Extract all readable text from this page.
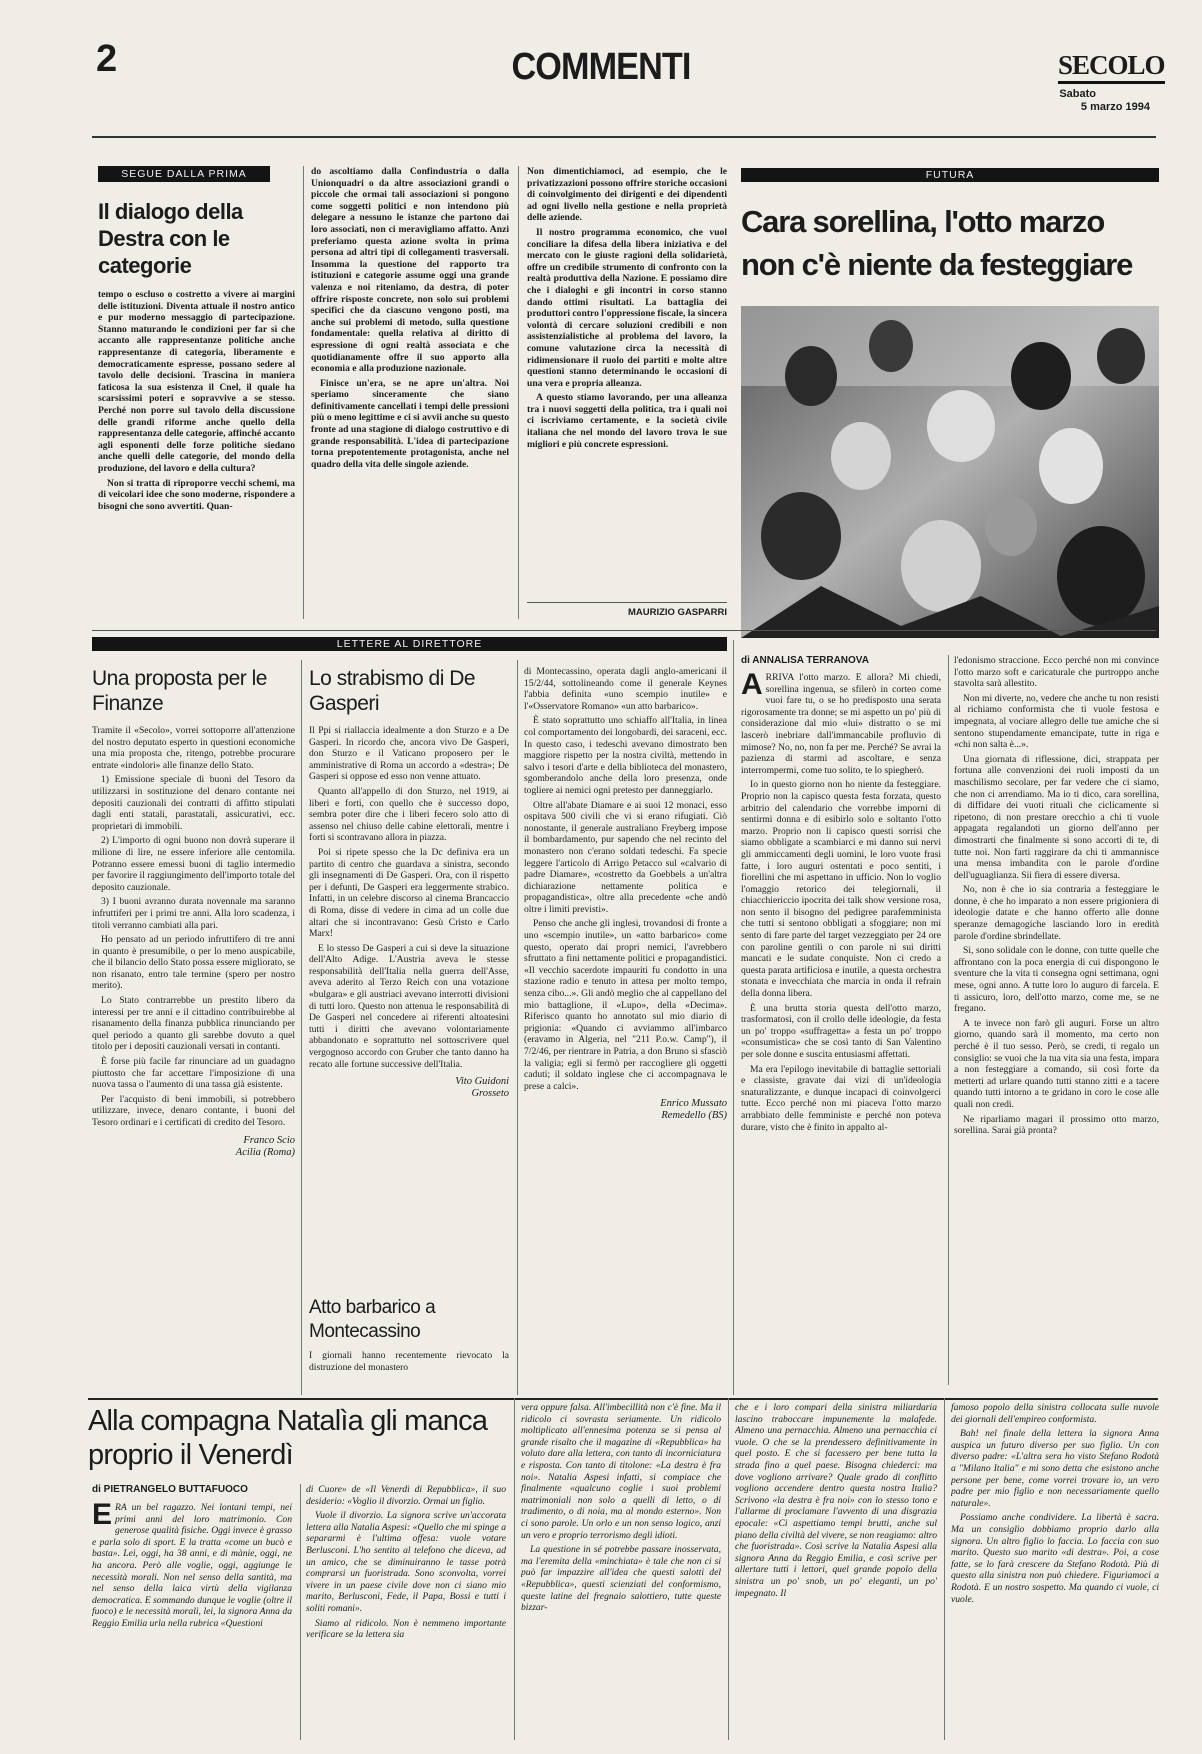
2	COMMENTI	SECOLO
Sabato
5 marzo 1994
SEGUE DALLA PRIMA
Il dialogo della Destra con le categorie

tempo o escluso o costretto a vivere ai margini delle istituzioni. Diventa attuale il nostro antico e pur moderno messaggio di partecipazione. Stanno maturando le condizioni per far sì che accanto alle rappresentanze politiche anche rappresentanze di categoria, liberamente e democraticamente espresse, possano sedere al tavolo delle decisioni. Trascina in maniera faticosa la sua esistenza il Cnel, il quale ha scarsissimi poteri e sopravvive a se stesso. Perché non porre sul tavolo della discussione delle grandi riforme anche quello della rappresentanza delle categorie, affinché accanto agli esponenti delle forze politiche siedano anche quelli delle categorie, del mondo della produzione, del lavoro e della cultura?

Non si tratta di riproporre vecchi schemi, ma di veicolari idee che sono moderne, rispondere a bisogni che sono avvertiti. Quan-

do ascoltiamo dalla Confindustria o dalla Unionquadri o da altre associazioni grandi o piccole che ormai tali associazioni si pongono come soggetti politici e non intendono più delegare a nessuno le istanze che partono dai loro associati, non ci meravigliamo affatto. Anzi preferiamo questa azione svolta in prima persona ad altri tipi di collegamenti trasversali. Insomma la questione del rapporto tra istituzioni e categorie assume oggi una grande valenza e noi riteniamo, da destra, di poter offrire risposte concrete, non solo sui problemi specifici che da ciascuno vengono posti, ma anche sui problemi di metodo, sulla questione fondamentale: quella relativa al diritto di espressione di ogni realtà associata e che quotidianamente offre il suo apporto alla economia e alla produzione nazionale.

Finisce un'era, se ne apre un'altra. Noi speriamo sinceramente che siano definitivamente cancellati i tempi delle pressioni più o meno legittime e ci si avvii anche su questo fronte ad una stagione di dialogo costruttivo e di grande responsabilità. L'idea di partecipazione torna prepotentemente protagonista, anche nel quadro della vita delle singole aziende.

Non dimentichiamoci, ad esempio, che le privatizzazioni possono offrire storiche occasioni di coinvolgimento dei dirigenti e dei dipendenti ad ogni livello nella gestione e nella proprietà delle aziende.

Il nostro programma economico, che vuol conciliare la difesa della libera iniziativa e del mercato con le giuste ragioni della solidarietà, offre un credibile strumento di confronto con la realtà produttiva della Nazione. E possiamo dire che i dialoghi e gli incontri in corso stanno dando ottimi risultati. La battaglia dei produttori contro l'oppressione fiscale, la sincera volontà di cercare soluzioni credibili e non assistenzialistiche al problema del lavoro, la comune valutazione circa la necessità di ridimensionare il ruolo dei partiti e molte altre questioni stanno determinando le occasioni di una vera e propria alleanza.

A questo stiamo lavorando, per una alleanza tra i nuovi soggetti della politica, tra i quali noi ci iscriviamo certamente, e la società civile italiana che nel mondo del lavoro trova le sue migliori e più concrete espressioni.

MAURIZIO GASPARRI
FUTURA
Cara sorellina, l'otto marzo non c'è niente da festeggiare
di ANNALISA TERRANOVA

ARRIVA l'otto marzo. E allora? Mi chiedi, sorellina ingenua, se sfilerò in corteo come vuoi fare tu, o se ho predisposto una serata rigorosamente tra donne; se mi aspetto un po' più di considerazione dal mio «lui» distratto o se mi lascerò inebriare dall'immancabile profluvio di mimose? No, no, non fa per me. Perché? Se avrai la pazienza di starmi ad ascoltare, e senza interrompermi, come tuo solito, te lo spiegherò.

Io in questo giorno non ho niente da festeggiare. Proprio non la capisco questa festa forzata, questo arbitrio del calendario che vorrebbe imporni di sentirmi donna e di esibirlo solo e soltanto l'otto marzo. Proprio non li capisco questi sorrisi che siamo obbligate a scambiarci e mi danno sui nervi gli ammiccamenti degli uomini, le loro vuote frasi fatte, i loro auguri ostentati e poco sentiti, i fiorellini che mi aspettano in ufficio. Non lo voglio l'omaggio retorico dei telegiornali, il chiacchiericcio ipocrita dei talk show versione rosa, non sento il bisogno del pedigree parafemminista che tutti si sentono obbligati a sfoggiare; non mi sento di fare parte del target vezzeggiato per 24 ore con paroline gentili o con parole ni sui diritti mancati e le sudate conquiste. Non ci credo a questa parata artificiosa e inutile, a questa orchestra stonata e invecchiata che marcia in onda il refrain della donna libera.

È una brutta storia questa dell'otto marzo, trasformatosi, con il crollo delle ideologie, da festa un po' troppo «suffragetta» a festa un po' troppo «consumistica» che se così tanto di San Valentino per sole donne e suscita entusiasmi affettati.

Ma era l'epilogo inevitabile di battaglie settoriali e classiste, gravate dai vizi di un'ideologia snaturalizzante, e dunque incapaci di coinvolgerci tutte. Ecco perché non mi piaceva l'otto marzo arrabbiato delle femministe e perché non poteva durare, visto che è finito in appalto al-

l'edonismo straccione. Ecco perché non mi convince l'otto marzo soft e caricaturale che purtroppo anche stavolta sarà allestito.

Non mi diverte, no, vedere che anche tu non resisti al richiamo conformista che ti vuole festosa e impegnata, al vociare allegro delle tue amiche che si sentono stupendamente emancipate, tutte in riga e «chi non salta è...».

Una giornata di riflessione, dici, strappata per fortuna alle convenzioni dei ruoli imposti da un maschilismo secolare, per far vedere che ci siamo, che non ci arrendiamo. Ma io ti dico, cara sorellina, di diffidare dei vuoti rituali che ciclicamente si ripetono, di non prestare orecchio a chi ti vuole appagata regalandoti un giorno dell'anno per dimostrarti che finalmente si sono accorti di te, di tutte noi. Non farti raggirare da chi ti ammannisce una mensa imbandita con le parole d'ordine dell'uguaglianza. Sii fiera di essere diversa.

No, non è che io sia contraria a festeggiare le donne, è che ho imparato a non essere prigioniera di ideologie datate e che hanno offerto alle donne speranze demagogiche lasciando loro in eredità parole d'ordine sbrindellate.

Sì, sono solidale con le donne, con tutte quelle che affrontano con la poca energia di cui dispongono le sventure che la vita ti consegna ogni settimana, ogni mese, ogni anno. A tutte loro lo auguro di farcela. E ti assicuro, loro, dell'otto marzo, come me, se ne fregano.

A te invece non farò gli auguri. Forse un altro giorno, quando sarà il momento, ma certo non perché è il tuo sesso. Però, se credi, ti regalo un consiglio: se vuoi che la tua vita sia una festa, impara a non festeggiare a comando, sii così forte da metterti ad urlare quando tutti stanno zitti e a tacere quando tutti intorno a te gridano in coro le cose alle quali non credi.

Ne riparliamo magari il prossimo otto marzo, sorellina. Sarai già pronta?

LETTERE AL DIRETTORE
Una proposta per le Finanze

Tramite il «Secolo», vorrei sottoporre all'attenzione del nostro deputato esperto in questioni economiche una mia proposta che, ritengo, potrebbe procurare entrate «indolori» alle finanze dello Stato.

1) Emissione speciale di buoni del Tesoro da utilizzarsi in sostituzione del denaro contante nei depositi cauzionali dei contratti di affitto stipulati dagli enti statali, parastatali, assicurativi, ecc. proprietari di immobili.

2) L'importo di ogni buono non dovrà superare il milione di lire, ne essere inferiore alle centomila. Potranno essere emessi buoni di taglio intermedio per favorire il raggiungimento dell'importo totale del deposito cauzionale.

3) I buoni avranno durata novennale ma saranno infruttiferi per i primi tre anni. Alla loro scadenza, i titoli verranno cambiati alla pari.

Ho pensato ad un periodo infruttifero di tre anni in quanto è presumibile, o per lo meno auspicabile, che il bilancio dello Stato possa essere migliorato, se non risanato, entro tale termine (spero per nostro merito).

Lo Stato contrarrebbe un prestito libero da interessi per tre anni e il cittadino contribuirebbe al risanamento della finanza pubblica rinunciando per quel periodo a quanto gli sarebbe dovuto a quel titolo per i depositi cauzionali versati in contanti.

È forse più facile far rinunciare ad un guadagno piuttosto che far accettare l'imposizione di una nuova tassa o l'aumento di una tassa già esistente.

Per l'acquisto di beni immobili, si potrebbero utilizzare, invece, denaro contante, i buoni del Tesoro ordinari e i certificati di credito del Tesoro.

Franco Scio
Acilia (Roma)
Lo strabismo di De Gasperi

Il Ppi si riallaccia idealmente a don Sturzo e a De Gasperi. In ricordo che, ancora vivo De Gasperi, don Sturzo e il Vaticano proposero per le amministrative di Roma un accordo a «destra»; De Gasperi si oppose ed esso non venne attuato.

Quanto all'appello di don Sturzo, nel 1919, ai liberi e forti, con quello che è successo dopo, sembra poter dire che i liberi fecero solo atto di assenso nel chiuso delle cabine elettorali, mentre i forti si scontravano allora in piazza.

Poi si ripete spesso che la Dc definiva era un partito di centro che guardava a sinistra, secondo gli insegnamenti di De Gasperi. Ora, con il rispetto per i defunti, De Gasperi era leggermente strabico. Infatti, in un celebre discorso al cinema Brancaccio di Roma, disse di vedere in cima ad un colle due altari che si incontravano: Gesù Cristo e Carlo Marx!

E lo stesso De Gasperi a cui si deve la situazione dell'Alto Adige. L'Austria aveva le stesse responsabilità dell'Italia nella guerra dell'Asse, aveva aderito al Terzo Reich con una votazione «bulgara» e gli austriaci avevano interrotti divisioni di tutti loro. Questo non attenua le responsabilità di De Gasperi nel concedere ai riferenti altoatesini tutti i diritti che avevano volontariamente abbandonato e soprattutto nel sottoscrivere quel vergognoso accordo con Gruber che tanto danno ha recato alle fortune successive dell'Italia.

Vito Guidoni
Grosseto
Atto barbarico a Montecassino

I giornali hanno recentemente rievocato la distruzione del monastero

di Montecassino, operata dagli anglo-americani il 15/2/44, sottolineando come il generale Keynes l'abbia definita «uno scempio inutile» e l'«Osservatore Romano» «un atto barbarico».

È stato soprattutto uno schiaffo all'Italia, in linea col comportamento dei longobardi, dei saraceni, ecc. In questo caso, i tedeschi avevano dimostrato ben maggiore rispetto per la nostra civiltà, mettendo in salvo i tesori d'arte e della biblioteca del monastero, sgomberandolo anche della loro presenza, onde togliere ai nemici ogni pretesto per danneggiarlo.

Oltre all'abate Diamare e ai suoi 12 monaci, esso ospitava 500 civili che vi si erano rifugiati. Ciò nonostante, il generale australiano Freyberg impose il bombardamento, pur sapendo che nel recinto del monastero non c'erano soldati tedeschi. Fa specie leggere l'articolo di Arrigo Petacco sul «calvario di padre Diamare», «costretto da Goebbels a un'altra dichiarazione nettamente politica e propagandistica», oltre alla precedente «che andò oltre i limiti previsti».

Penso che anche gli inglesi, trovandosi di fronte a uno «scempio inutile», un «atto barbarico» come questo, operato dai propri nemici, l'avrebbero sfruttato a fini nettamente politici e propagandistici. «Il vecchio sacerdote impauriti fu condotto in una stazione radio e tenuto in attesa per molto tempo, senza cibo...». Gli andò meglio che al cappellano del mio battaglione, il «Lupo», della «Decima». Riferisco quanto ho annotato sul mio diario di prigionia: «Quando ci avviammo all'imbarco (eravamo in Algeria, nel "211 P.o.w. Camp"), il 7/2/46, per rientrare in Patria, a don Bruno si sfasciò la valigia; egli si fermò per raccogliere gli oggetti caduti; il soldato inglese che ci accompagnava le prese a calci».

Enrico Mussato
Remedello (BS)
Alla compagna Natalìa gli manca proprio il Venerdì
di PIETRANGELO BUTTAFUOCO

ERA un bel ragazzo. Nei lontani tempi, nei primi anni del loro matrimonio. Con generose qualità fisiche. Oggi invece è grasso e parla solo di sport. E la tratta «come un bucò e basta». Lei, oggi, ha 38 anni, e di mànie, oggi, ne ha ancora. Però alle voglie, oggi, aggiunge le necessità morali. Non nel senso della santità, ma nel senso della laica virtù della vigilanza democratica. E sommando dunque le voglie (oltre il fuoco) e le necessità morali, lei, la signora Anna da Reggio Emilia urla nella rubrica «Questioni

di Cuore» de «Il Venerdì di Repubblica», il suo desiderio: «Voglio il divorzio. Ormai un figlio.

Vuole il divorzio. La signora scrive un'accorata lettera alla Natalia Aspesi: «Quello che mi spinge a separarmi è l'ultima offesa: vuole votare Berlusconi. L'ho sentito al telefono che diceva, ad un amico, che se diminuiranno le tasse potrà comprarsi un fuoristrada. Sono sconvolta, vorrei vivere in un paese civile dove non ci siano mio marito, Berlusconi, Fede, il Papa, Bossi e tutti i soliti romani».

Siamo al ridicolo. Non è nemmeno importante verificare se la lettera sia

vera oppure falsa. All'imbecillità non c'è fine. Ma il ridicolo ci sovrasta seriamente. Un ridicolo moltiplicato all'ennesima potenza se si pensa al grande risalto che il magazine di «Repubblica» ha voluto dare alla lettera, con tanto di incorniciatura e risposta. Con tanto di titolone: «La destra è fra noi». Natalia Aspesi infatti, si compiace che finalmente «qualcuno coglie i suoi problemi matrimoniali non solo a quelli di letto, o di tradimento, o di noia, ma al mondo esterno». Non ci sono parole. Un orlo e un non senso logico, anzi un vero e proprio terrorismo degli idioti.

La questione in sé potrebbe passare inosservata, ma l'eremita della «minchiata» è tale che non ci si può far impazzire all'idea che questi salotti del «Repubblica», questi scienziati del conformismo, queste latine del fregnaio salottiero, tutte queste bizzar-

che e i loro compari della sinistra miliardaria lascino traboccare impunemente la malafede. Almeno una pernacchia. Almeno una pernacchia ci vuole. O che se la prendessero definitivamente in quel posto. E che si facessero per bene tutta la strada fino a quel paese. Bisogna chiederci: ma dove vogliono arrivare? Quale grado di conflitto vogliono accendere dentro questa nostra Italia? Scrivono «la destra è fra noi» con lo stesso tono e l'allarme di proclamare l'avvento di una disgrazia epocale: «Ci aspettiamo tempi brutti, anche sul piano della civiltà del vivere, se non reagiamo: altro che fuoristrada». Così scrive la Natalia Aspesi alla signora Anna da Reggio Emilia, e così scrive per allertare tutti i lettori, quel grande popolo della sinistra un po' snob, un po' eleganti, un po' impegnato. Il

famoso popolo della sinistra collocata sulle nuvole dei giornali dell'empireo conformista.

Bah! nel finale della lettera la signora Anna auspica un futuro diverso per suo figlio. Un con diverso padre: «L'altra sera ho visto Stefano Rodotà a "Milano Italia" e mi sono detta che esistono anche persone per bene, come vorrei trovare io, un vero padre per mio figlio e non necessariamente quello naturale».

Possiamo anche condividere. La libertà è sacra. Ma un consiglio dobbiamo proprio darlo alla signora. Un altro figlio lo faccia. Lo faccia con suo marito. Questo suo marito «di destra». Poi, a cose fatte, se lo farà crescere da Stefano Rodotà. Più di questo alla sinistra non può chiedere. Figuriamoci a Rodotà. E un nostro sospetto. Ma quando ci vuole, ci vuole.
